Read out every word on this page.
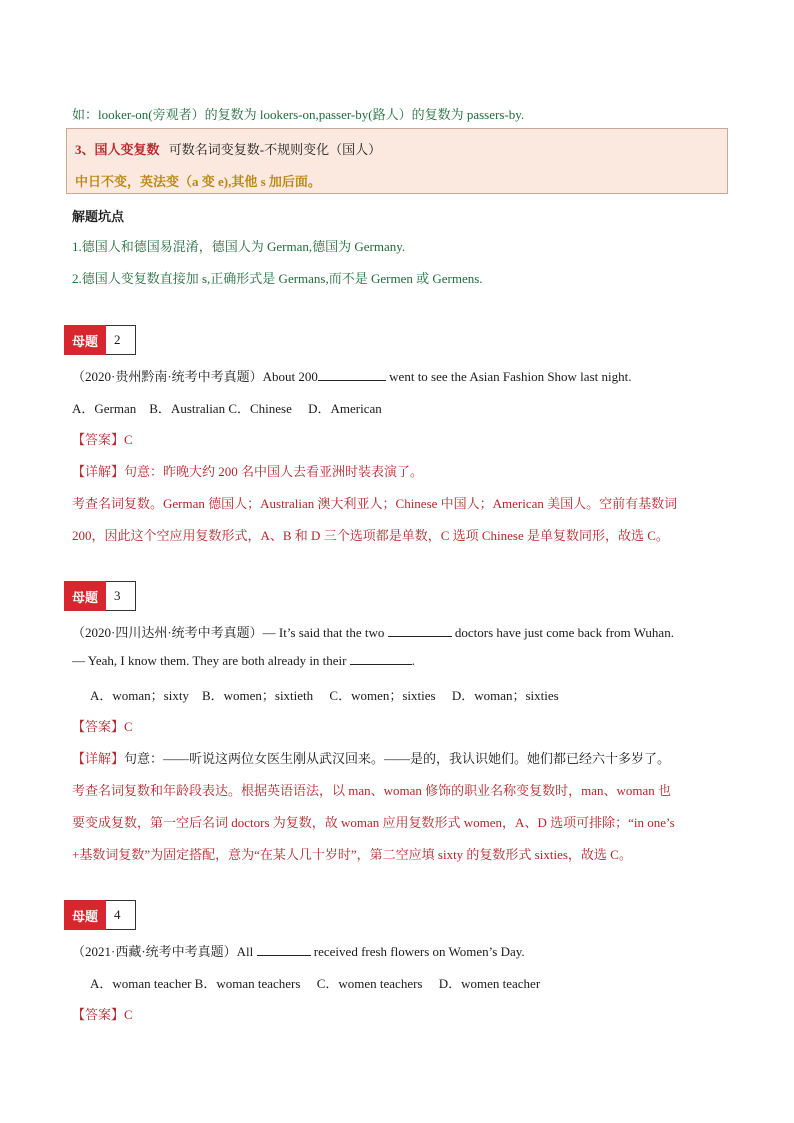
如：looker-on(旁观者）的复数为 lookers-on,passer-by(路人）的复数为 passers-by.
3、国人变复数 可数名词变复数-不规则变化（国人）
中日不变，英法变（a 变 e),其他 s 加后面。
解题坑点
1.德国人和德国易混淆，德国人为 German,德国为 Germany.
2.德国人变复数直接加 s,正确形式是 Germans,而不是 Germen 或 Germens.
母题	2
（2020·贵州黔南·统考中考真题）About 200	went to see the Asian Fashion Show last night.
A．German　B．Australian C．Chinese　 D．American
【答案】C
【详解】句意：昨晚大约 200 名中国人去看亚洲时装表演了。
考查名词复数。German 德国人；Australian 澳大利亚人；Chinese 中国人；American 美国人。空前有基数词
200，因此这个空应用复数形式，A、B 和 D 三个选项都是单数，C 选项 Chinese 是单复数同形，故选 C。
母题	3
（2020·四川达州·统考中考真题）— It’s said that the two	doctors have just come back from Wuhan.
— Yeah, I know them. They are both already in their	.
A．woman；sixty　B．women；sixtieth　 C．women；sixties　 D．woman；sixties
【答案】C
【详解】句意：——听说这两位女医生刚从武汉回来。——是的，我认识她们。她们都已经六十多岁了。
考查名词复数和年龄段表达。根据英语语法，以 man、woman 修饰的职业名称变复数时，man、woman 也
要变成复数，第一空后名词 doctors 为复数，故 woman 应用复数形式 women，A、D 选项可排除；“in one’s
+基数词复数”为固定搭配，意为“在某人几十岁时”，第二空应填 sixty 的复数形式 sixties，故选 C。
母题	4
（2021·西藏·统考中考真题）All	received fresh flowers on Women’s Day.
A．woman teacher B．woman teachers　 C．women teachers　 D．women teacher
【答案】C
